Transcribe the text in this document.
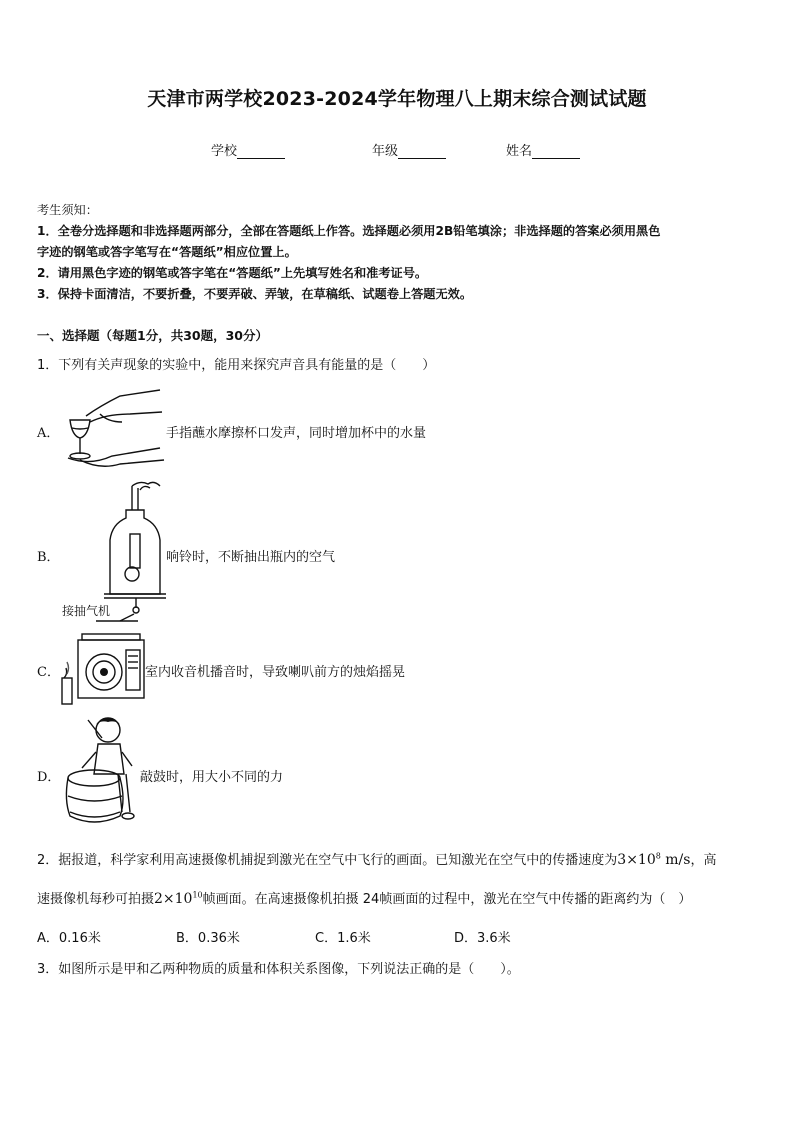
天津市两学校2023-2024学年物理八上期末综合测试试题
学校	年级	姓名
考生须知：
1．全卷分选择题和非选择题两部分，全部在答题纸上作答。选择题必须用2B铅笔填涂；非选择题的答案必须用黑色
字迹的钢笔或答字笔写在“答题纸”相应位置上。
2．请用黑色字迹的钢笔或答字笔在“答题纸”上先填写姓名和准考证号。
3．保持卡面清洁，不要折叠，不要弄破、弄皱，在草稿纸、试题卷上答题无效。
一、选择题（每题1分，共30题，30分）
1．下列有关声现象的实验中，能用来探究声音具有能量的是（　　）
A．	手指蘸水摩擦杯口发声，同时增加杯中的水量
B．
接抽气机
响铃时，不断抽出瓶内的空气
C．	室内收音机播音时，导致喇叭前方的烛焰摇晃
D．	敲鼓时，用大小不同的力
2．据报道，科学家利用高速摄像机捕捉到激光在空气中飞行的画面。已知激光在空气中的传播速度为$3\times 10^8$ m/s，高
速摄像机每秒可拍摄$2\times 10^{10}$帧画面。在高速摄像机拍摄 24帧画面的过程中，激光在空气中传播的距离约为（　）
A．0.16米	B．0.36米	C．1.6米	D．3.6米
3．如图所示是甲和乙两种物质的质量和体积关系图像，下列说法正确的是（　　）。
